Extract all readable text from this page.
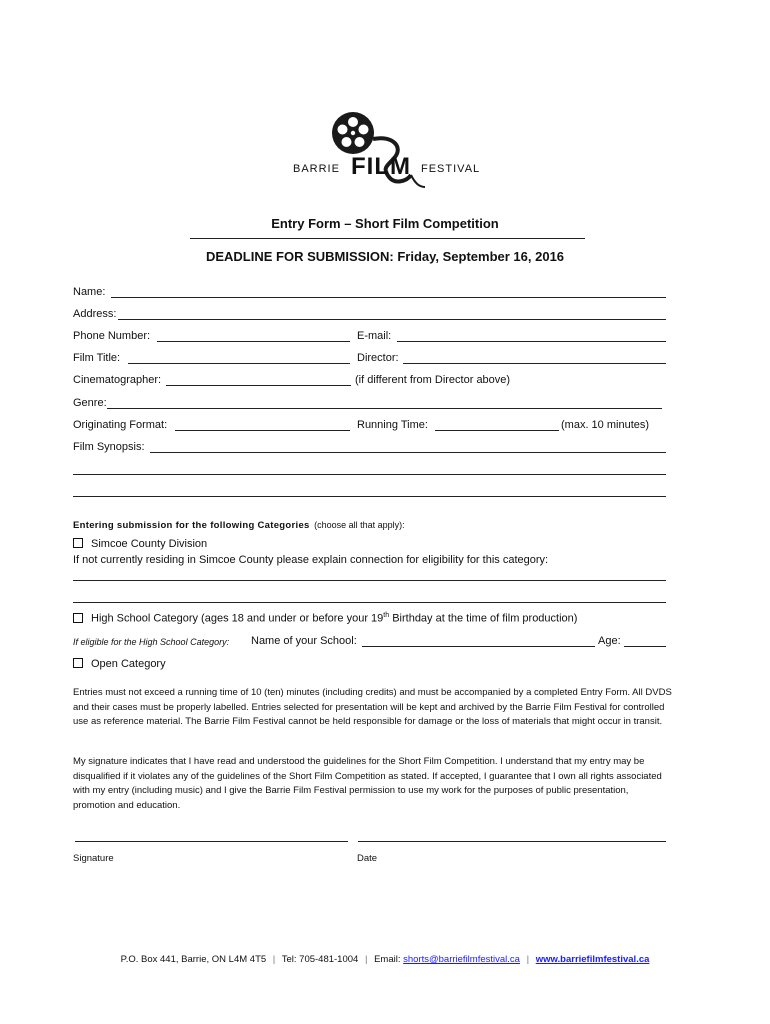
BARRIE FILM FESTIVAL
Entry Form – Short Film Competition
DEADLINE FOR SUBMISSION: Friday, September 16, 2016
Name:
Address:
Phone Number:	E-mail:
Film Title:	Director:
Cinematographer:	(if different from Director above)
Genre:
Originating Format:	Running Time:	(max. 10 minutes)
Film Synopsis:
Entering submission for the following Categories (choose all that apply):
Simcoe County Division
If not currently residing in Simcoe County please explain connection for eligibility for this category:
High School Category (ages 18 and under or before your 19th Birthday at the time of film production)
If eligible for the High School Category: Name of your School:	Age:
Open Category

Entries must not exceed a running time of 10 (ten) minutes (including credits) and must be accompanied by a completed Entry Form. All DVDS and their cases must be properly labelled. Entries selected for presentation will be kept and archived by the Barrie Film Festival for controlled use as reference material. The Barrie Film Festival cannot be held responsible for damage or the loss of materials that might occur in transit.

My signature indicates that I have read and understood the guidelines for the Short Film Competition. I understand that my entry may be disqualified if it violates any of the guidelines of the Short Film Competition as stated. If accepted, I guarantee that I own all rights associated with my entry (including music) and I give the Barrie Film Festival permission to use my work for the purposes of public presentation, promotion and education.

Signature	Date
P.O. Box 441, Barrie, ON L4M 4T5 | Tel: 705-481-1004 | Email: shorts@barriefilmfestival.ca | www.barriefilmfestival.ca
